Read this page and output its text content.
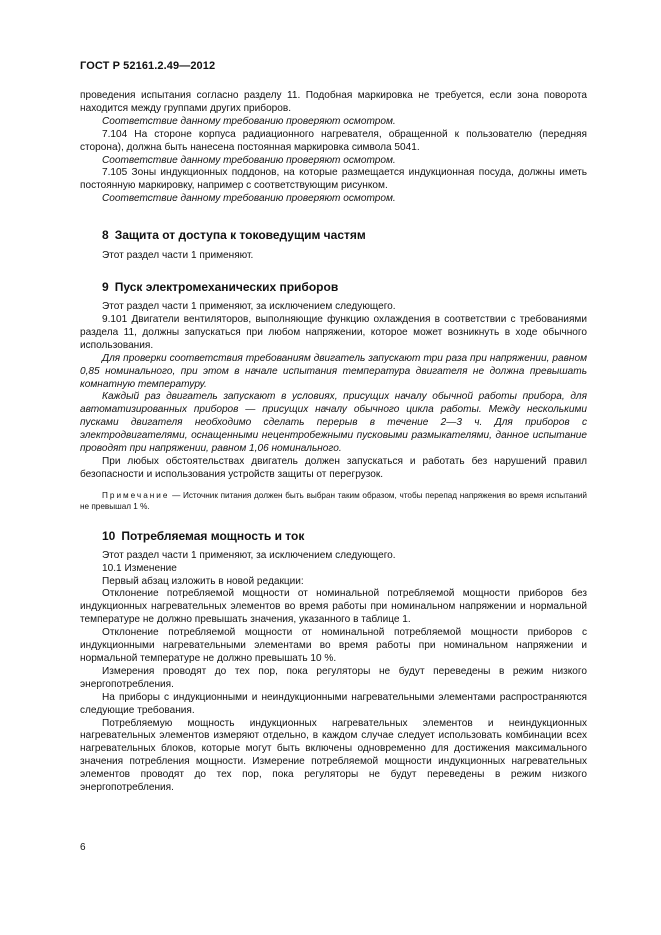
ГОСТ Р 52161.2.49—2012

проведения испытания согласно разделу 11. Подобная маркировка не требуется, если зона поворота находится между группами других приборов.

Соответствие данному требованию проверяют осмотром.

7.104 На стороне корпуса радиационного нагревателя, обращенной к пользователю (передняя сторона), должна быть нанесена постоянная маркировка символа 5041.

Соответствие данному требованию проверяют осмотром.

7.105 Зоны индукционных поддонов, на которые размещается индукционная посуда, должны иметь постоянную маркировку, например с соответствующим рисунком.

Соответствие данному требованию проверяют осмотром.

8 Защита от доступа к токоведущим частям

Этот раздел части 1 применяют.

9 Пуск электромеханических приборов

Этот раздел части 1 применяют, за исключением следующего.

9.101 Двигатели вентиляторов, выполняющие функцию охлаждения в соответствии с требованиями раздела 11, должны запускаться при любом напряжении, которое может возникнуть в ходе обычного использования.

Для проверки соответствия требованиям двигатель запускают три раза при напряжении, равном 0,85 номинального, при этом в начале испытания температура двигателя не должна превышать комнатную температуру.

Каждый раз двигатель запускают в условиях, присущих началу обычной работы прибора, для автоматизированных приборов — присущих началу обычного цикла работы. Между несколькими пусками двигателя необходимо сделать перерыв в течение 2—3 ч. Для приборов с электродвигателями, оснащенными нецентробежными пусковыми размыкателями, данное испытание проводят при напряжении, равном 1,06 номинального.

При любых обстоятельствах двигатель должен запускаться и работать без нарушений правил безопасности и использования устройств защиты от перегрузок.

Примечание — Источник питания должен быть выбран таким образом, чтобы перепад напряжения во время испытаний не превышал 1 %.

10 Потребляемая мощность и ток

Этот раздел части 1 применяют, за исключением следующего.

10.1 Изменение

Первый абзац изложить в новой редакции:

Отклонение потребляемой мощности от номинальной потребляемой мощности приборов без индукционных нагревательных элементов во время работы при номинальном напряжении и нормальной температуре не должно превышать значения, указанного в таблице 1.

Отклонение потребляемой мощности от номинальной потребляемой мощности приборов с индукционными нагревательными элементами во время работы при номинальном напряжении и нормальной температуре не должно превышать 10 %.

Измерения проводят до тех пор, пока регуляторы не будут переведены в режим низкого энергопотребления.

На приборы с индукционными и неиндукционными нагревательными элементами распространяются следующие требования.

Потребляемую мощность индукционных нагревательных элементов и неиндукционных нагревательных элементов измеряют отдельно, в каждом случае следует использовать комбинации всех нагревательных блоков, которые могут быть включены одновременно для достижения максимального значения потребления мощности. Измерение потребляемой мощности индукционных нагревательных элементов проводят до тех пор, пока регуляторы не будут переведены в режим низкого энергопотребления.

6
